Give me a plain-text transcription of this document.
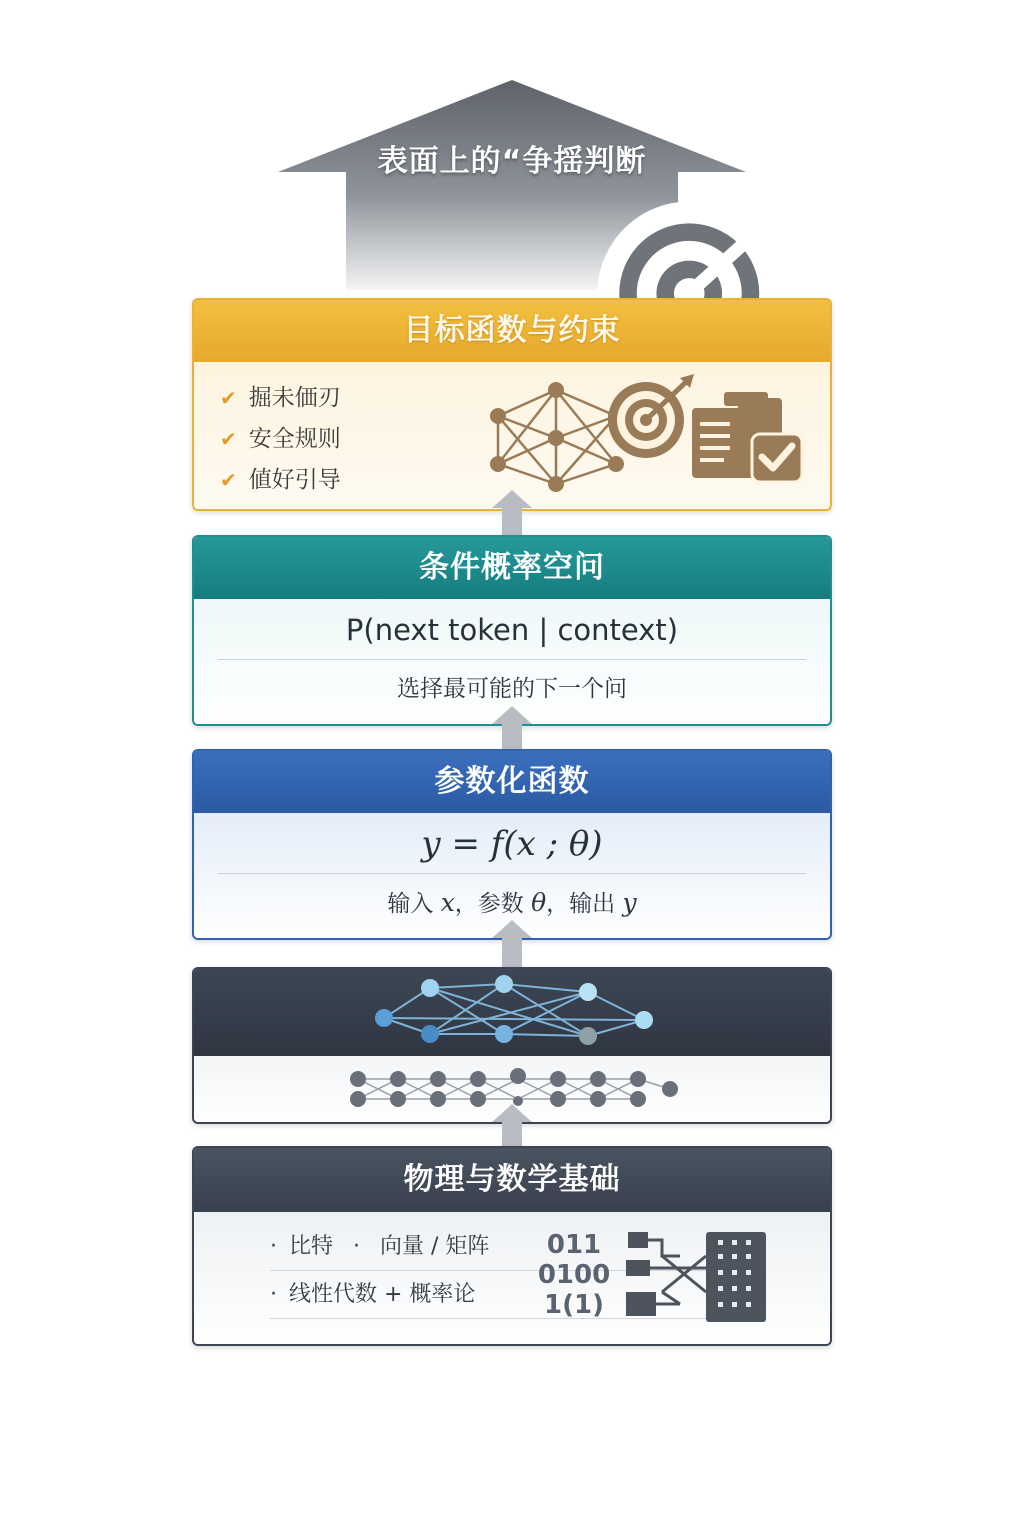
表面上的“争揺判断
目标函数与约束
✔ 掘未価刃
✔ 安全规则
✔ 値好引导
条件概率空问
P(next token | context)
选择最可能的下一个问
参数化函数
y = f(x ; θ)
输入 x，参数 θ，输出 y
物理与数学基础
· 比特 · 向量 / 矩阵
· 线性代数 + 概率论
011
0100
1(1)
